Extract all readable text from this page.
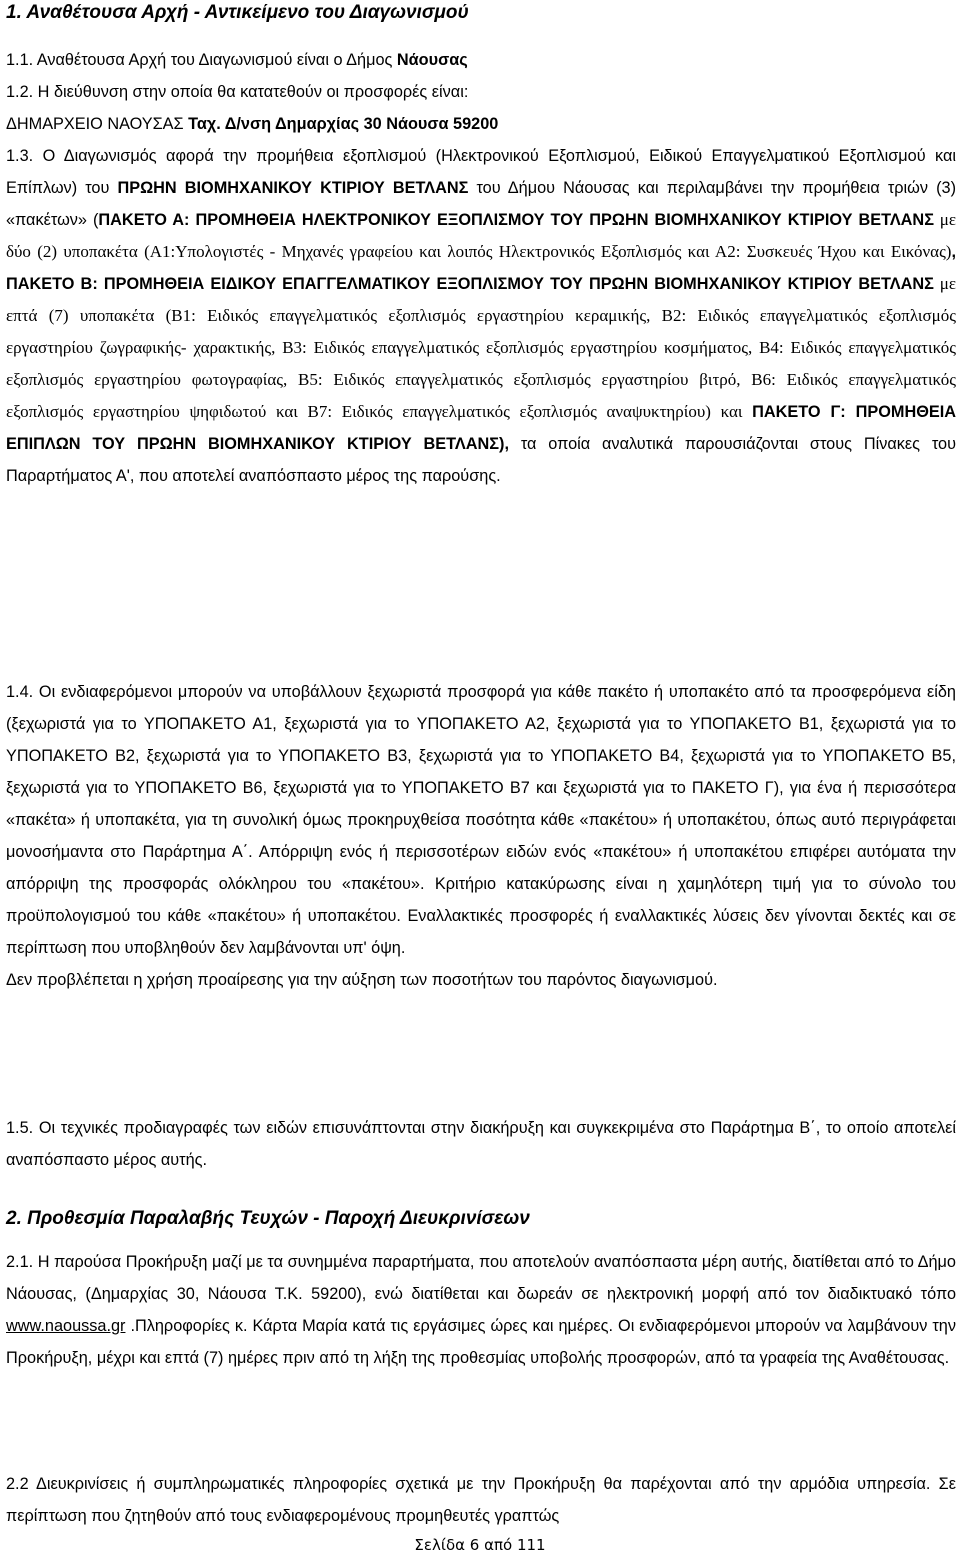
1. Αναθέτουσα Αρχή - Αντικείμενο του Διαγωνισμού

1.1. Αναθέτουσα Αρχή του Διαγωνισμού είναι ο Δήμος Νάουσας

1.2. Η διεύθυνση στην οποία θα κατατεθούν οι προσφορές είναι:

ΔΗΜΑΡΧΕΙΟ ΝΑΟΥΣΑΣ Ταχ. Δ/νση Δημαρχίας 30 Νάουσα 59200

1.3. Ο Διαγωνισμός αφορά την προμήθεια εξοπλισμού (Ηλεκτρονικού Εξοπλισμού, Ειδικού Επαγγελματικού Εξοπλισμού και Επίπλων) του ΠΡΩΗΝ ΒΙΟΜΗΧΑΝΙΚΟΥ ΚΤΙΡΙΟΥ ΒΕΤΛΑΝΣ του Δήμου Νάουσας και περιλαμβάνει την προμήθεια τριών (3) «πακέτων» (ΠΑΚΕΤΟ Α: ΠΡΟΜΗΘΕΙΑ ΗΛΕΚΤΡΟΝΙΚΟΥ ΕΞΟΠΛΙΣΜΟΥ ΤΟΥ ΠΡΩΗΝ ΒΙΟΜΗΧΑΝΙΚΟΥ ΚΤΙΡΙΟΥ ΒΕΤΛΑΝΣ με δύο (2) υποπακέτα (Α1:Υπολογιστές - Μηχανές γραφείου και λοιπός Ηλεκτρονικός Εξοπλισμός και Α2: Συσκευές Ήχου και Εικόνας), ΠΑΚΕΤΟ Β: ΠΡΟΜΗΘΕΙΑ ΕΙΔΙΚΟΥ ΕΠΑΓΓΕΛΜΑΤΙΚΟΥ ΕΞΟΠΛΙΣΜΟΥ ΤΟΥ ΠΡΩΗΝ ΒΙΟΜΗΧΑΝΙΚΟΥ ΚΤΙΡΙΟΥ ΒΕΤΛΑΝΣ με επτά (7) υποπακέτα (Β1: Ειδικός επαγγελματικός εξοπλισμός εργαστηρίου κεραμικής, Β2: Ειδικός επαγγελματικός εξοπλισμός εργαστηρίου ζωγραφικής- χαρακτικής, Β3: Ειδικός επαγγελματικός εξοπλισμός εργαστηρίου κοσμήματος, Β4: Ειδικός επαγγελματικός εξοπλισμός εργαστηρίου φωτογραφίας, Β5: Ειδικός επαγγελματικός εξοπλισμός εργαστηρίου βιτρό, Β6: Ειδικός επαγγελματικός εξοπλισμός εργαστηρίου ψηφιδωτού και Β7: Ειδικός επαγγελματικός εξοπλισμός αναψυκτηρίου) και ΠΑΚΕΤΟ Γ: ΠΡΟΜΗΘΕΙΑ ΕΠΙΠΛΩΝ ΤΟΥ ΠΡΩΗΝ ΒΙΟΜΗΧΑΝΙΚΟΥ ΚΤΙΡΙΟΥ ΒΕΤΛΑΝΣ), τα οποία αναλυτικά παρουσιάζονται στους Πίνακες του Παραρτήματος Α', που αποτελεί αναπόσπαστο μέρος της παρούσης.

1.4. Οι ενδιαφερόμενοι μπορούν να υποβάλλουν ξεχωριστά προσφορά για κάθε πακέτο ή υποπακέτο από τα προσφερόμενα είδη (ξεχωριστά για το ΥΠΟΠΑΚΕΤΟ Α1, ξεχωριστά για το ΥΠΟΠΑΚΕΤΟ Α2, ξεχωριστά για το ΥΠΟΠΑΚΕΤΟ Β1, ξεχωριστά για το ΥΠΟΠΑΚΕΤΟ Β2, ξεχωριστά για το ΥΠΟΠΑΚΕΤΟ Β3, ξεχωριστά για το ΥΠΟΠΑΚΕΤΟ Β4, ξεχωριστά για το ΥΠΟΠΑΚΕΤΟ Β5, ξεχωριστά για το ΥΠΟΠΑΚΕΤΟ Β6, ξεχωριστά για το ΥΠΟΠΑΚΕΤΟ Β7 και ξεχωριστά για το ΠΑΚΕΤΟ Γ), για ένα ή περισσότερα «πακέτα» ή υποπακέτα, για τη συνολική όμως προκηρυχθείσα ποσότητα κάθε «πακέτου» ή υποπακέτου, όπως αυτό περιγράφεται μονοσήμαντα στο Παράρτημα Α΄. Απόρριψη ενός ή περισσοτέρων ειδών ενός «πακέτου» ή υποπακέτου επιφέρει αυτόματα την απόρριψη της προσφοράς ολόκληρου του «πακέτου». Κριτήριο κατακύρωσης είναι η χαμηλότερη τιμή για το σύνολο του προϋπολογισμού του κάθε «πακέτου» ή υποπακέτου. Εναλλακτικές προσφορές ή εναλλακτικές λύσεις δεν γίνονται δεκτές και σε περίπτωση που υποβληθούν δεν λαμβάνονται υπ' όψη.

Δεν προβλέπεται η χρήση προαίρεσης για την αύξηση των ποσοτήτων του παρόντος διαγωνισμού.

1.5. Οι τεχνικές προδιαγραφές των ειδών επισυνάπτονται στην διακήρυξη και συγκεκριμένα στο Παράρτημα Β΄, το οποίο αποτελεί αναπόσπαστο μέρος αυτής.

2. Προθεσμία Παραλαβής Τευχών - Παροχή Διευκρινίσεων

2.1. Η παρούσα Προκήρυξη μαζί με τα συνημμένα παραρτήματα, που αποτελούν αναπόσπαστα μέρη αυτής, διατίθεται από το Δήμο Νάουσας, (Δημαρχίας 30, Νάουσα Τ.Κ. 59200), ενώ διατίθεται και δωρεάν σε ηλεκτρονική μορφή από τον διαδικτυακό τόπο www.naoussa.gr .Πληροφορίες κ. Κάρτα Μαρία κατά τις εργάσιμες ώρες και ημέρες. Οι ενδιαφερόμενοι μπορούν να λαμβάνουν την Προκήρυξη, μέχρι και επτά (7) ημέρες πριν από τη λήξη της προθεσμίας υποβολής προσφορών, από τα γραφεία της Αναθέτουσας.

2.2 Διευκρινίσεις ή συμπληρωματικές πληροφορίες σχετικά με την Προκήρυξη θα παρέχονται από την αρμόδια υπηρεσία. Σε περίπτωση που ζητηθούν από τους ενδιαφερομένους προμηθευτές γραπτώς

Σελίδα 6 από 111
